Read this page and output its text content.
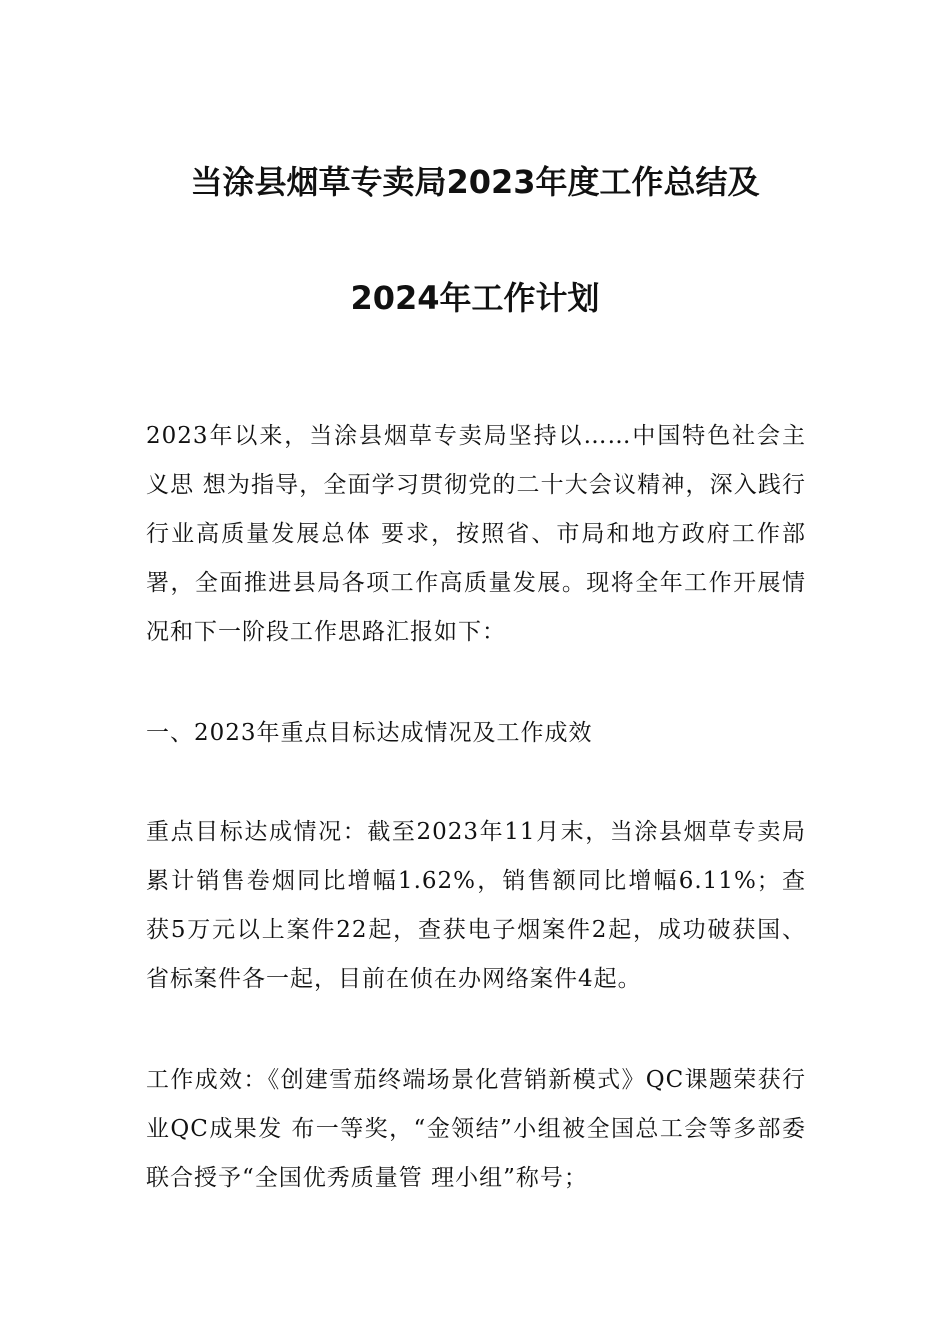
当涂县烟草专卖局2023年度工作总结及
2024年工作计划

2023年以来，当涂县烟草专卖局坚持以……中国特色社会主义思 想为指导，全面学习贯彻党的二十大会议精神，深入践行行业高质量发展总体 要求，按照省、市局和地方政府工作部署，全面推进县局各项工作高质量发展。现将全年工作开展情况和下一阶段工作思路汇报如下：

一、2023年重点目标达成情况及工作成效

重点目标达成情况：截至2023年11月末，当涂县烟草专卖局累计销售卷烟同比增幅1.62%，销售额同比增幅6.11%；查获5万元以上案件22起，查获电子烟案件2起，成功破获国、省标案件各一起，目前在侦在办网络案件4起。

工作成效：《创建雪茄终端场景化营销新模式》QC课题荣获行业QC成果发 布一等奖，“金领结”小组被全国总工会等多部委联合授予“全国优秀质量管 理小组”称号；
